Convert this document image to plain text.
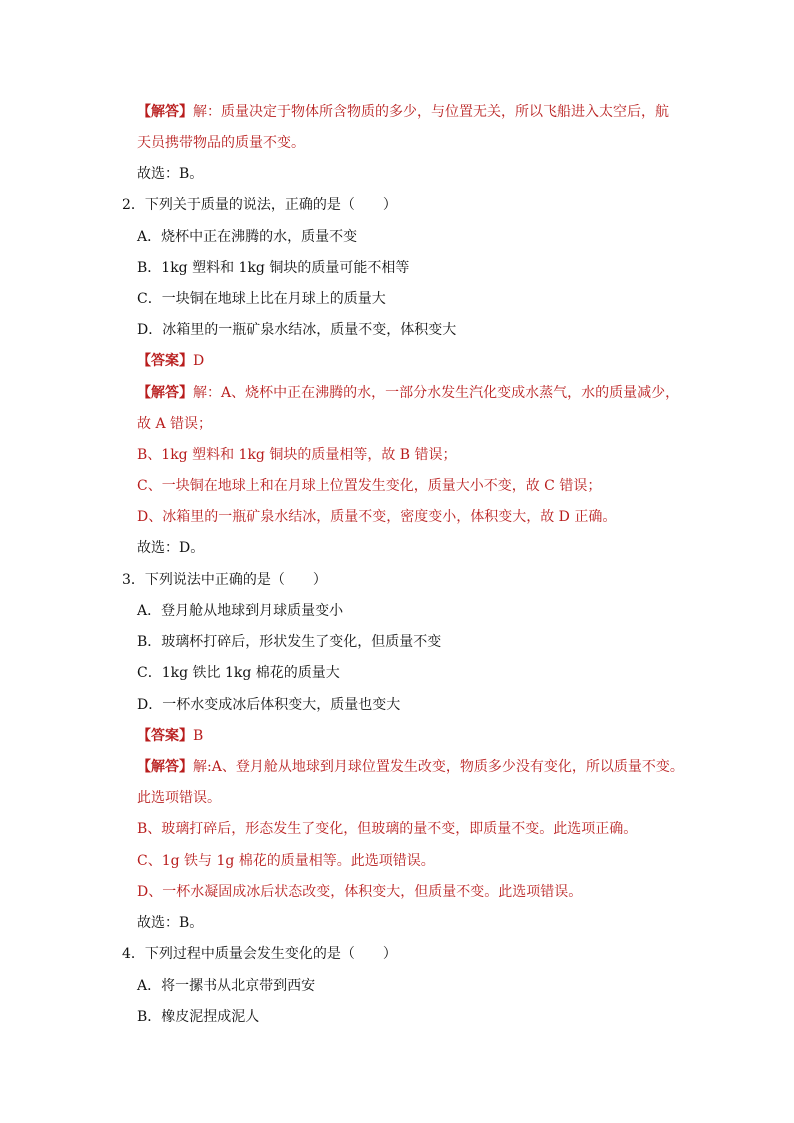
【解答】解：质量决定于物体所含物质的多少，与位置无关，所以飞船进入太空后，航
天员携带物品的质量不变。
故选：B。
2．下列关于质量的说法，正确的是（　　）
A．烧杯中正在沸腾的水，质量不变
B．1kg 塑料和 1kg 铜块的质量可能不相等
C．一块铜在地球上比在月球上的质量大
D．冰箱里的一瓶矿泉水结冰，质量不变，体积变大
【答案】D
【解答】解：A、烧杯中正在沸腾的水，一部分水发生汽化变成水蒸气，水的质量减少，
故 A 错误；
B、1kg 塑料和 1kg 铜块的质量相等，故 B 错误；
C、一块铜在地球上和在月球上位置发生变化，质量大小不变，故 C 错误；
D、冰箱里的一瓶矿泉水结冰，质量不变，密度变小，体积变大，故 D 正确。
故选：D。
3．下列说法中正确的是（　　）
A．登月舱从地球到月球质量变小
B．玻璃杯打碎后，形状发生了变化，但质量不变
C．1kg 铁比 1kg 棉花的质量大
D．一杯水变成冰后体积变大，质量也变大
【答案】B
【解答】解:A、登月舱从地球到月球位置发生改变，物质多少没有变化，所以质量不变。
此选项错误。
B、玻璃打碎后，形态发生了变化，但玻璃的量不变，即质量不变。此选项正确。
C、1g 铁与 1g 棉花的质量相等。此选项错误。
D、一杯水凝固成冰后状态改变，体积变大，但质量不变。此选项错误。
故选：B。
4．下列过程中质量会发生变化的是（　　）
A．将一摞书从北京带到西安
B．橡皮泥捏成泥人
